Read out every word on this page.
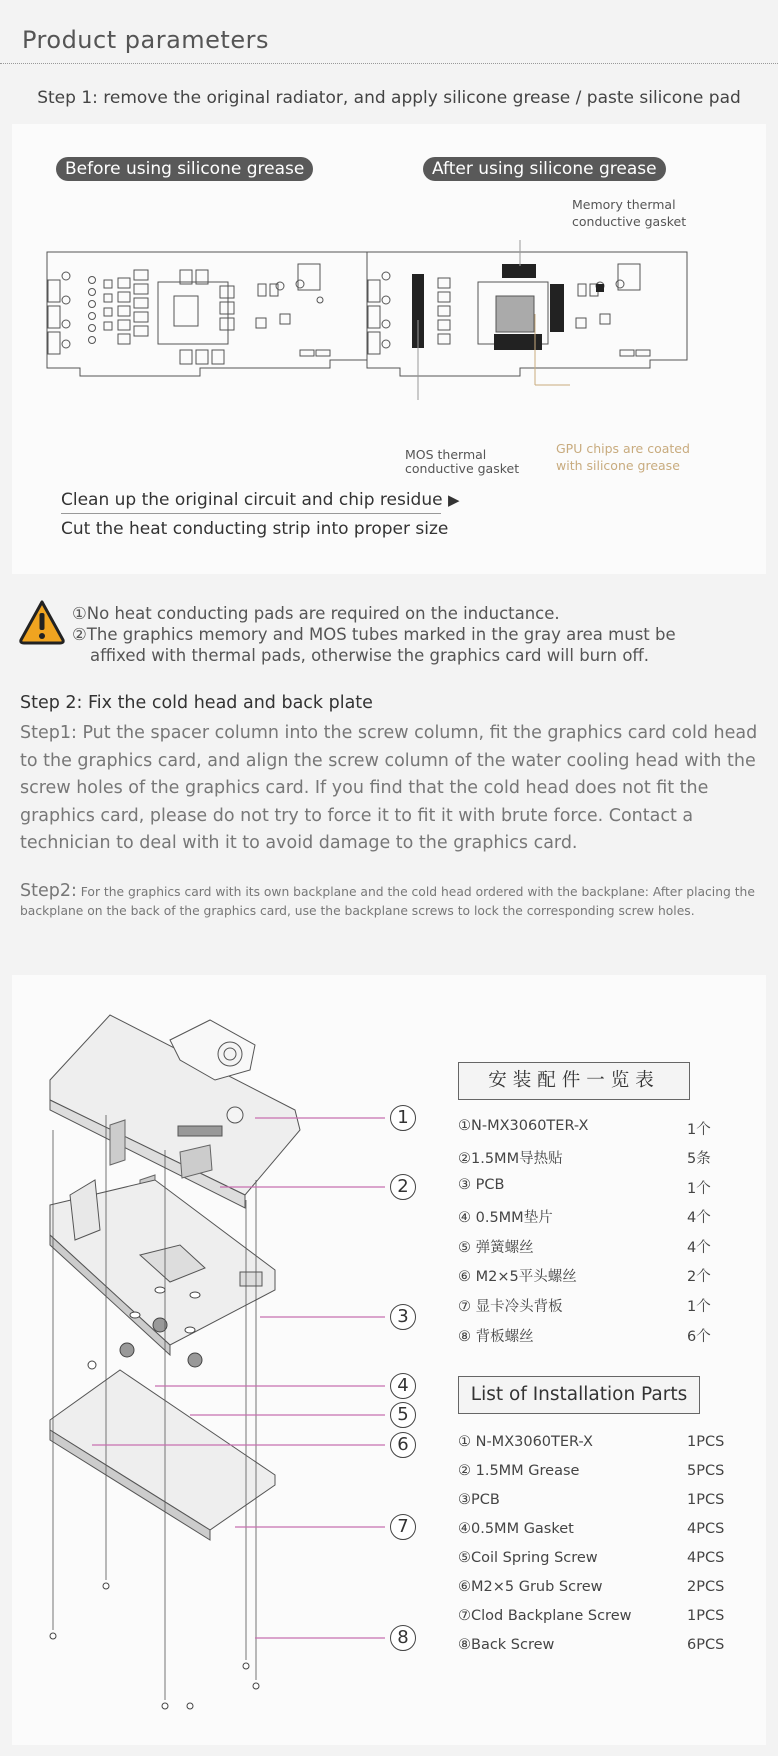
Product parameters
Step 1: remove the original radiator, and apply silicone grease / paste silicone pad
Before using silicone grease	After using silicone grease
Memory thermal
conductive gasket
MOS thermal
conductive gasket
GPU chips are coated
with silicone grease
Clean up the original circuit and chip residue ▶
Cut the heat conducting strip into proper size
①No heat conducting pads are required on the inductance.
②The graphics memory and MOS tubes marked in the gray area must be
affixed with thermal pads, otherwise the graphics card will burn off.
Step 2: Fix the cold head and back plate
Step1: Put the spacer column into the screw column, fit the graphics card cold head to the graphics card, and align the screw column of the water cooling head with the screw holes of the graphics card. If you find that the cold head does not fit the graphics card, please do not try to force it to fit it with brute force. Contact a technician to deal with it to avoid damage to the graphics card.
Step2: For the graphics card with its own backplane and the cold head ordered with the backplane: After placing the backplane on the back of the graphics card, use the backplane screws to lock the corresponding screw holes.
1
2
3
4
5
6
7
8
安装配件一览表
①N-MX3060TER-X	1个
②1.5MM导热贴	5条
③ PCB	1个
④ 0.5MM垫片	4个
⑤ 弹簧螺丝	4个
⑥ M2×5平头螺丝	2个
⑦ 显卡冷头背板	1个
⑧ 背板螺丝	6个
List of Installation Parts
① N-MX3060TER-X	1PCS
② 1.5MM Grease	5PCS
③PCB	1PCS
④0.5MM Gasket	4PCS
⑤Coil Spring Screw	4PCS
⑥M2×5 Grub Screw	2PCS
⑦Clod Backplane Screw	1PCS
⑧Back Screw	6PCS
